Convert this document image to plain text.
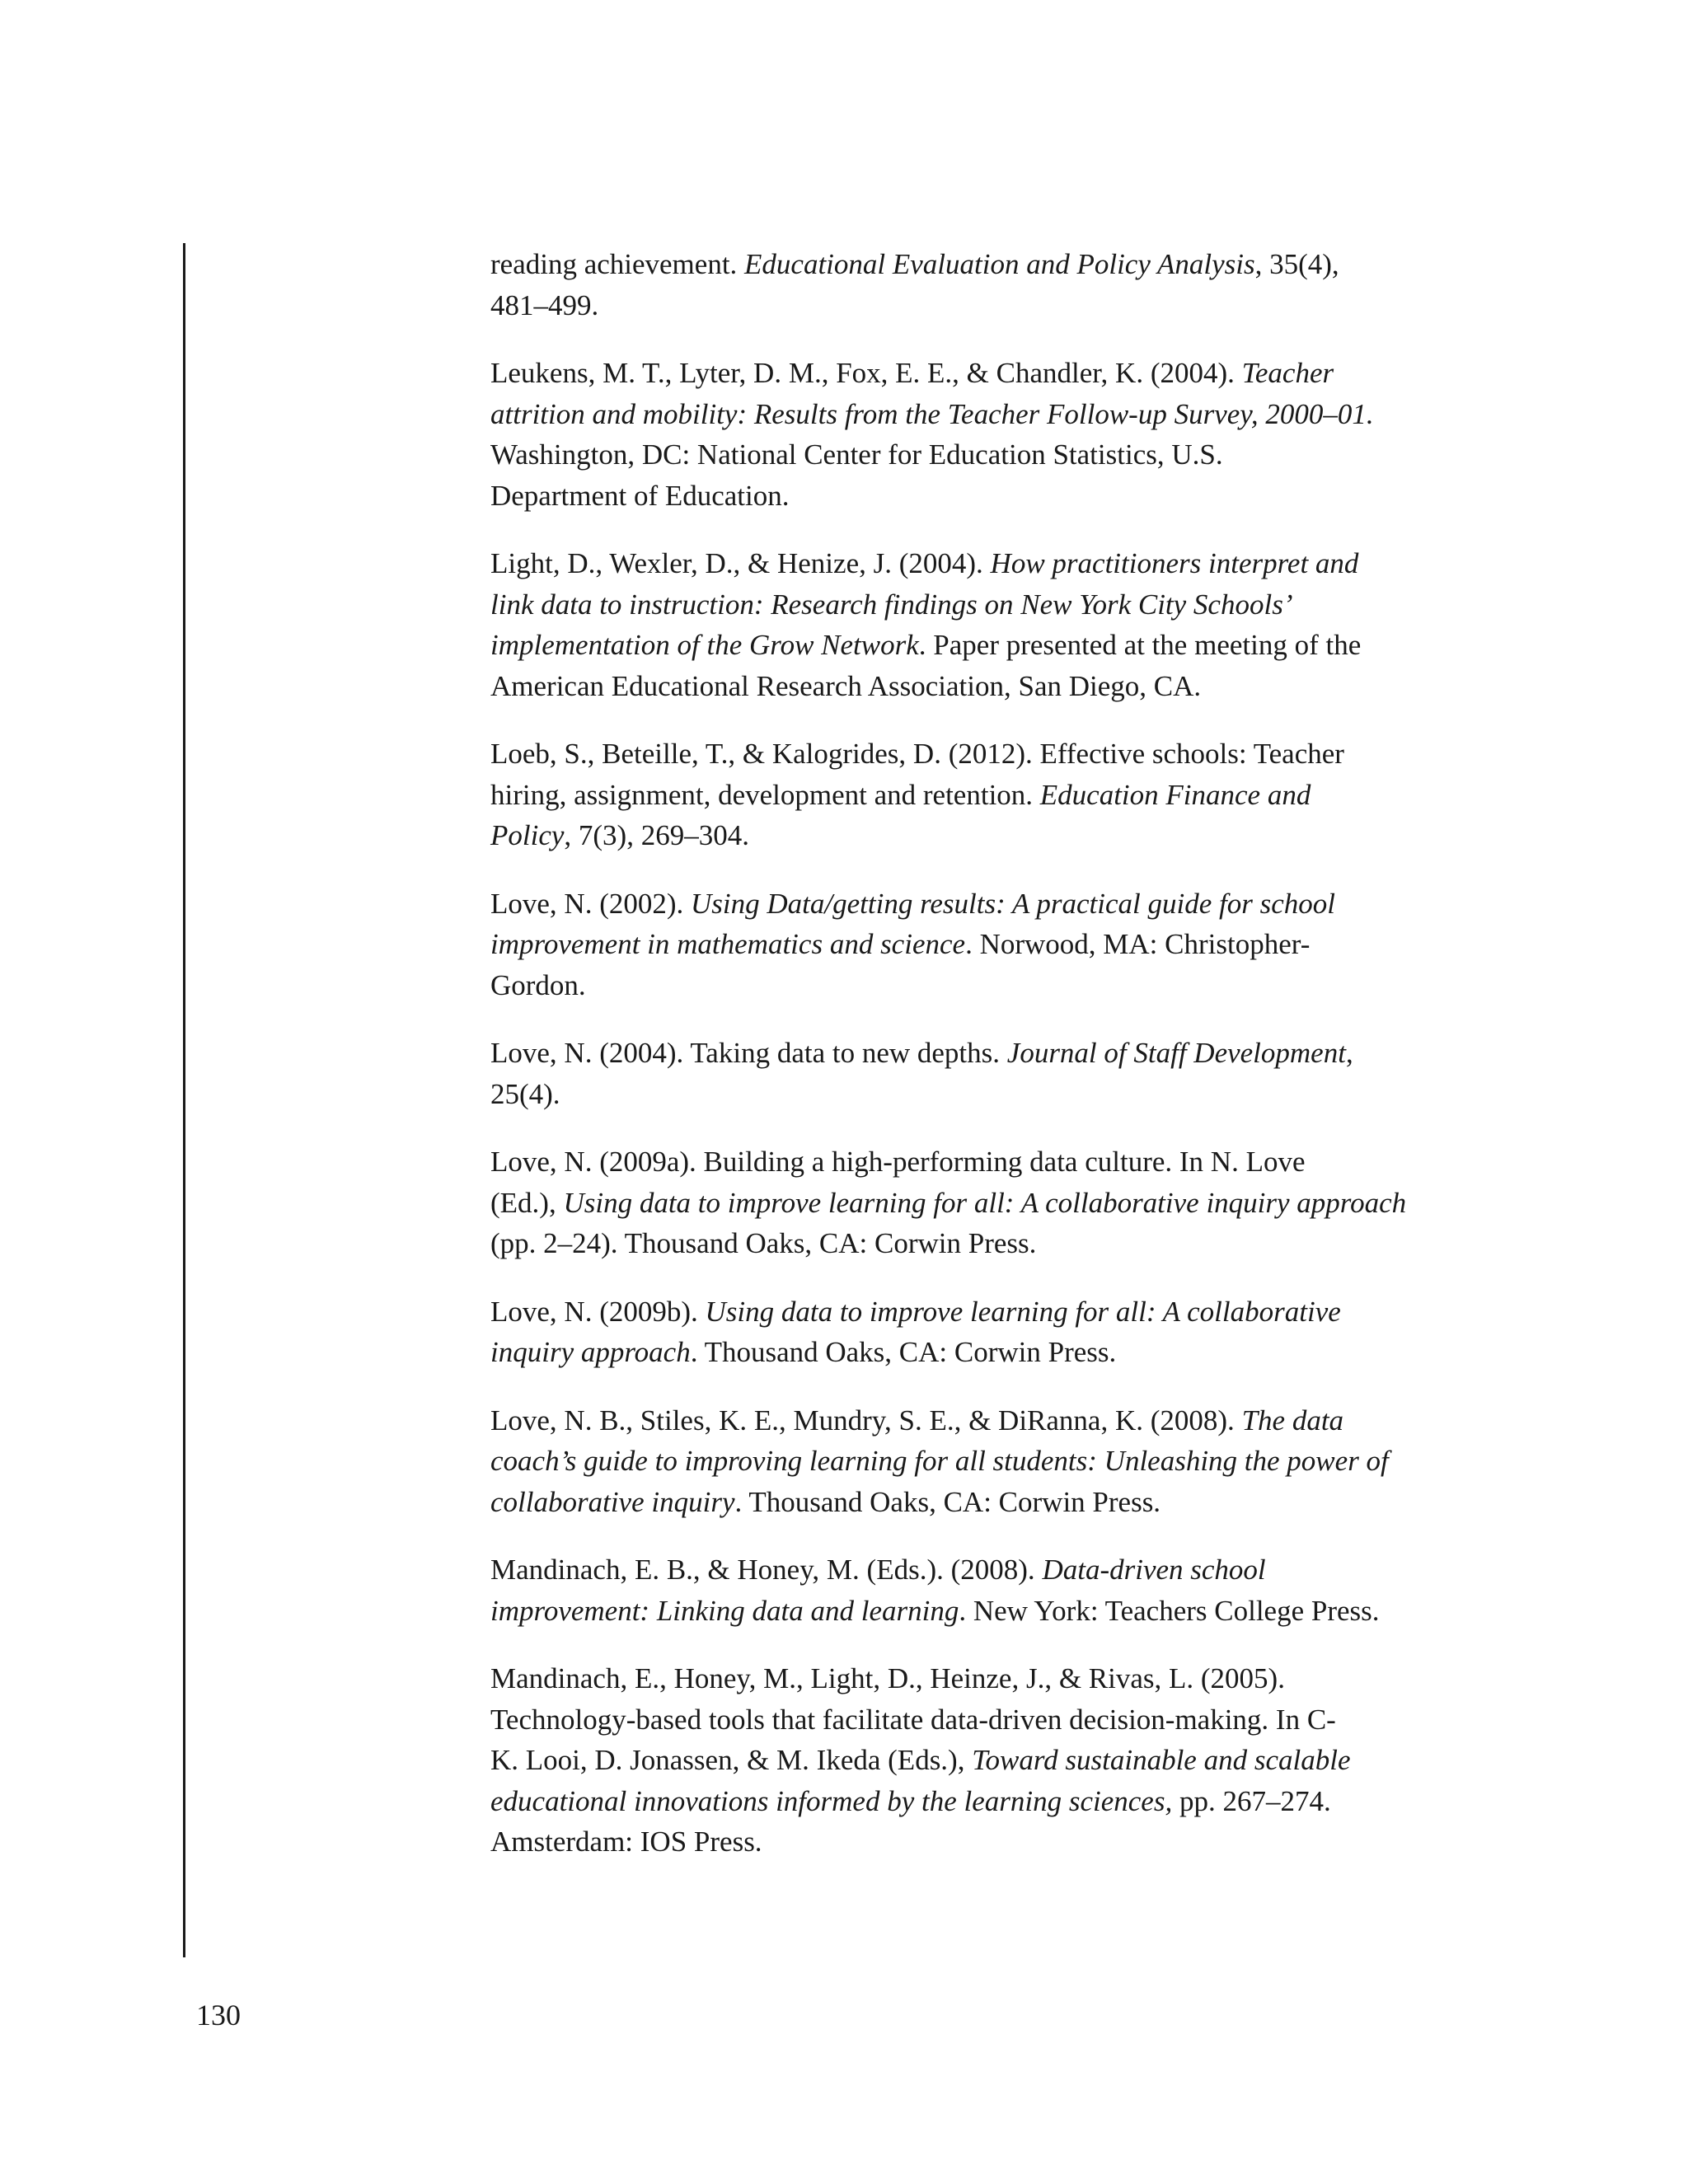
reading achievement. Educational Evaluation and Policy Analysis, 35(4),
481–499.

Leukens, M. T., Lyter, D. M., Fox, E. E., & Chandler, K. (2004). Teacher
attrition and mobility: Results from the Teacher Follow-up Survey, 2000–01.
Washington, DC: National Center for Education Statistics, U.S.
Department of Education.

Light, D., Wexler, D., & Henize, J. (2004). How practitioners interpret and
link data to instruction: Research findings on New York City Schools’
implementation of the Grow Network. Paper presented at the meeting of the
American Educational Research Association, San Diego, CA.

Loeb, S., Beteille, T., & Kalogrides, D. (2012). Effective schools: Teacher
hiring, assignment, development and retention. Education Finance and
Policy, 7(3), 269–304.

Love, N. (2002). Using Data/getting results: A practical guide for school
improvement in mathematics and science. Norwood, MA: Christopher-
Gordon.

Love, N. (2004). Taking data to new depths. Journal of Staff Development,
25(4).

Love, N. (2009a). Building a high-performing data culture. In N. Love
(Ed.), Using data to improve learning for all: A collaborative inquiry approach
(pp. 2–24). Thousand Oaks, CA: Corwin Press.

Love, N. (2009b). Using data to improve learning for all: A collaborative
inquiry approach. Thousand Oaks, CA: Corwin Press.

Love, N. B., Stiles, K. E., Mundry, S. E., & DiRanna, K. (2008). The data
coach’s guide to improving learning for all students: Unleashing the power of
collaborative inquiry. Thousand Oaks, CA: Corwin Press.

Mandinach, E. B., & Honey, M. (Eds.). (2008). Data-driven school
improvement: Linking data and learning. New York: Teachers College Press.

Mandinach, E., Honey, M., Light, D., Heinze, J., & Rivas, L. (2005).
Technology-based tools that facilitate data-driven decision-making. In C-
K. Looi, D. Jonassen, & M. Ikeda (Eds.), Toward sustainable and scalable
educational innovations informed by the learning sciences, pp. 267–274.
Amsterdam: IOS Press.

130
